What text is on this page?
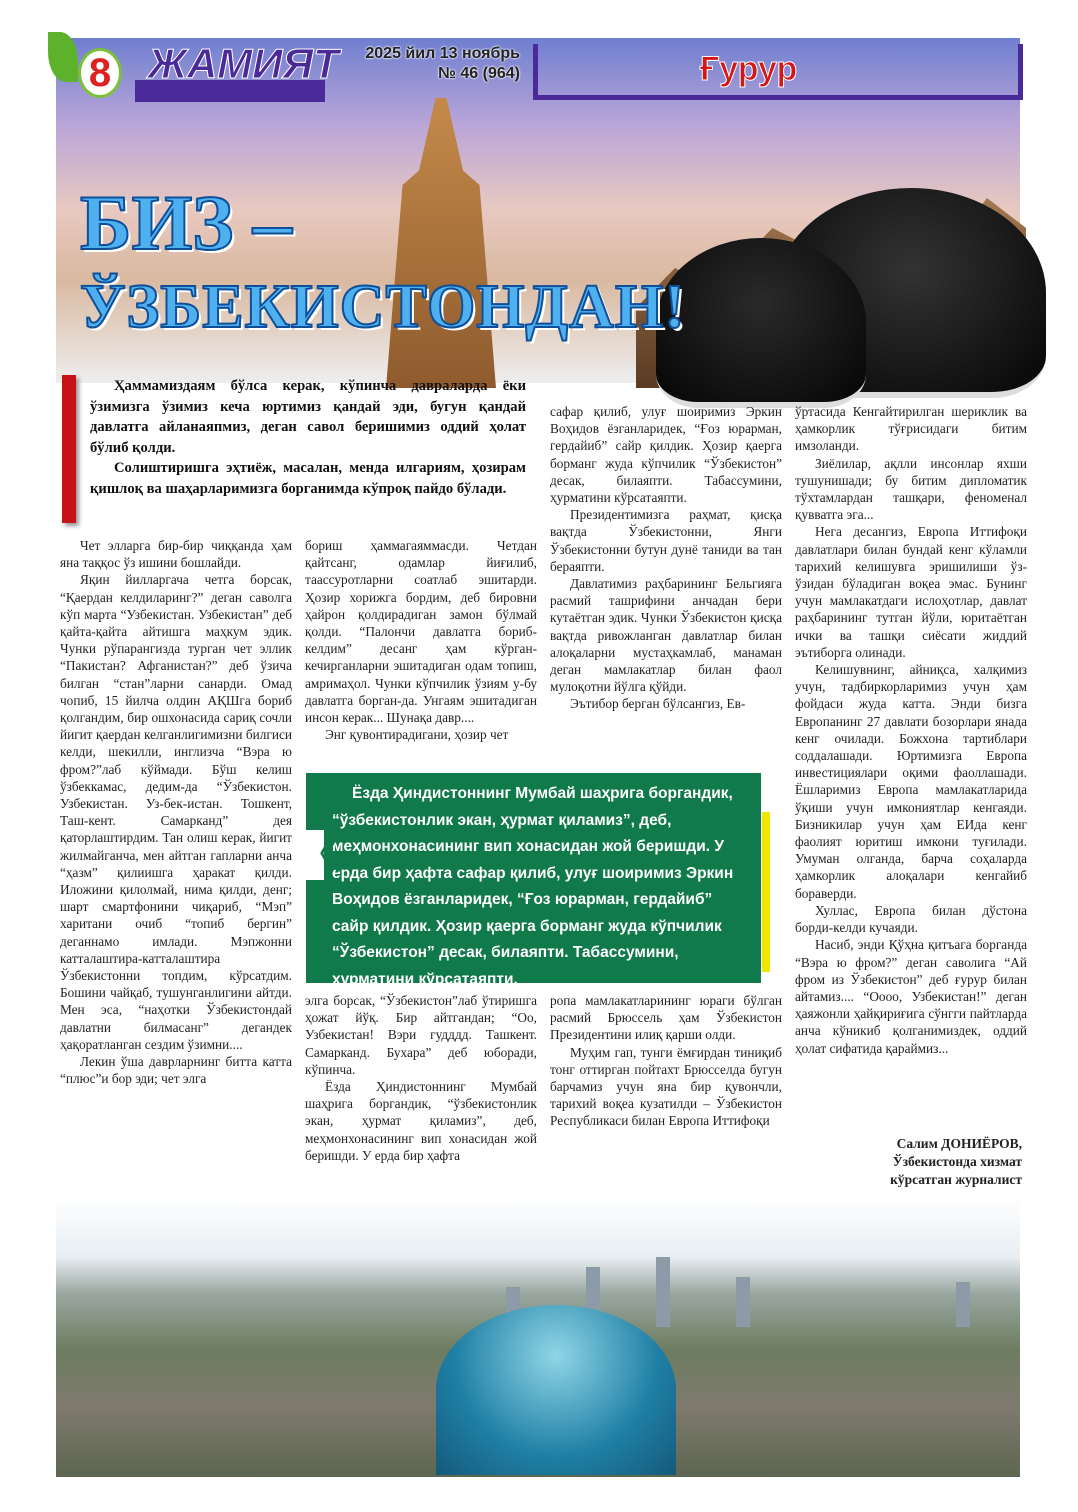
8 ЖАМИЯТ	2025 йил 13 ноябрь
№ 46 (964)	Ғурур
БИЗ –
ЎЗБЕКИСТОНДАН!

Ҳаммамиздаям бўлса керак, кўпинча даврaларда ёки ўзимизга ўзимиз кеча юртимиз қандай эди, бугун қандай давлатга айланаяпмиз, деган савол беришимиз оддий ҳолат бўлиб қолди.

Солиштиришга эҳтиёж, масалан, менда илгариям, ҳозирам қишлоқ ва шаҳарларимизга борганимда кўпроқ пайдо бўлади.

Чет элларга бир-бир чиққанда ҳам яна таққос ўз ишини бошлайди.

Яқин йилларгача четга борсак, “Қаердан келдиларинг?” деган саволга кўп марта “Узбекистан. Узбекистан” деб қайта-қайта айтишга маҳкум эдик. Чунки рўпарангизда турган чет эллик “Пакистан? Афганистан?” деб ўзича билган “стан”ларни санарди. Омад чопиб, 15 йилча олдин АҚШга бориб қолгандим, бир ошхонасида сариқ сочли йигит қаердан келганлигимизни билгиси келди, шекилли, инглизча “Вэра ю фром?”лаб кўймади. Бўш келиш ўзбеккамас, дедим-да “Ўзбекистон. Узбекистан. Уз-бек-истан. Тошкент, Таш-кент. Самарканд” дея қаторлаштирдим. Тан олиш керак, йигит жилмайганча, мен айтган гапларни анча “ҳазм” қилиишга ҳаракат қилди. Иложини қилолмай, нима қилди, денг; шарт смартфонини чиқариб, “Мэп” харитани очиб “топиб бергин” деганнамо имлади. Мэпжонни катталаштира-катталаштира Ўзбекистонни топдим, кўрсатдим. Бошини чайқаб, тушунганлигини айтди. Мен эса, “наҳотки Ўзбекистондай давлатни билмасанг” дегандек ҳақоратланган сездим ўзимни....

Лекин ўша даврларнинг битта катта “плюс”и бор эди; чет элга

бориш ҳаммагаяммасди. Четдан қайтсанг, одамлар йиғилиб, таассуротларни соатлаб эшитарди. Ҳозир хорижга бордим, деб бировни ҳайрон қолдирадиган замон бўлмай қолди. “Палончи давлатга бориб-келдим” десанг ҳам кўрган-кечирганларни эшитадиган одам топиш, амримаҳол. Чунки кўпчилик ўзиям у-бу давлатга борган-да. Унгаям эшитадиган инсон керак... Шунақа давр....

Энг қувонтирадигани, ҳозир чет

сафар қилиб, улуғ шоиримиз Эркин Воҳидов ёзганларидек, “Ғоз юрарман, гердайиб” сайр қилдик. Ҳозир қаерга борманг жуда кўпчилик “Ўзбекистон” десак, билаяпти. Табассумини, ҳурматини кўрсатаяпти.

Президентимизга раҳмат, қисқа вақтда Ўзбекистонни, Янги Ўзбекистонни бутун дунё таниди ва тан бераяпти.

Давлатимиз раҳбарининг Бельгияга расмий ташрифини анчадан бери кутаётган эдик. Чунки Ўзбекистон қисқа вақтда ривожланган давлатлар билан алоқаларни мустаҳкамлаб, манаман деган мамлакатлар билан фаол мулоқотни йўлга қўйди.

Эътибор берган бўлсангиз, Ев-

Ёзда Ҳиндистоннинг Мумбай шаҳрига боргандик, “ўзбекистонлик экан, ҳурмат қиламиз”, деб, меҳмонхонасининг вип хонасидан жой беришди. У ерда бир ҳафта сафар қилиб, улуғ шоиримиз Эркин Воҳидов ёзганларидек, “Ғоз юрарман, гердайиб” сайр қилдик. Ҳозир қаерга борманг жуда кўпчилик “Ўзбекистон” десак, билаяпти. Табассумини, ҳурматини кўрсатаяпти.

《

элга борсак, “Ўзбекистон”лаб ўтиришга ҳожат йўқ. Бир айтгандан; “Оо, Узбекистан! Вэри гудддд. Ташкент. Самарканд. Бухара” деб юборади, кўпинча.

Ёзда Ҳиндистоннинг Мумбай шаҳрига боргандик, “ўзбекистонлик экан, ҳурмат қиламиз”, деб, меҳмонхонасининг вип хонасидан жой беришди. У ерда бир ҳафта

ропа мамлакатларининг юраги бўлган расмий Брюссель ҳам Ўзбекистон Президентини илиқ қарши олди.

Муҳим гап, тунги ёмғирдан тиниқиб тонг оттирган пойтахт Брюсселда бугун барчамиз учун яна бир қувончли, тарихий воқеа кузатилди – Ўзбекистон Республикаси билан Европа Иттифоқи

ўртасида Кенгайтирилган шериклик ва ҳамкорлик тўғрисидаги битим имзоланди.

Зиёлилар, ақлли инсонлар яхши тушунишади; бу битим дипломатик тўхтамлардан ташқари, феноменал қувватга эга...

Нега десангиз, Европа Иттифоқи давлатлари билан бундай кенг кўламли тарихий келишувга эришилиши ўз-ўзидан бўладиган воқеа эмас. Бунинг учун мамлакатдаги ислоҳотлар, давлат раҳбарининг тутган йўли, юритаётган ички ва ташқи сиёсати жиддий эътиборга олинади.

Келишувнинг, айниқса, халқимиз учун, тадбиркорларимиз учун ҳам фойдаси жуда катта. Энди бизга Европанинг 27 давлати бозорлари янада кенг очилади. Божхона тартиблари соддалашади. Юртимизга Европа инвестициялари оқими фаоллашади. Ёшларимиз Европа мамлакатларида ўқиши учун имкониятлар кенгаяди. Бизникилар учун ҳам ЕИда кенг фаолият юритиш имкони туғилади. Умуман олганда, барча соҳаларда ҳамкорлик алоқалари кенгайиб бораверди.

Хуллас, Европа билан дўстона борди-келди кучаяди.

Насиб, энди Қўҳна қитъага борганда “Вэра ю фром?” деган саволига “Ай фром из Ўзбекистон” деб ғурур билан айтамиз.... “Оооо, Узбекистан!” деган ҳаяжонли ҳайқириғига сўнгги пайтларда анча кўникиб қолганимиздек, оддий ҳолат сифатида қараймиз...

Салим ДОНИЁРОВ,
Ўзбекистонда хизмат
кўрсатган журналист
